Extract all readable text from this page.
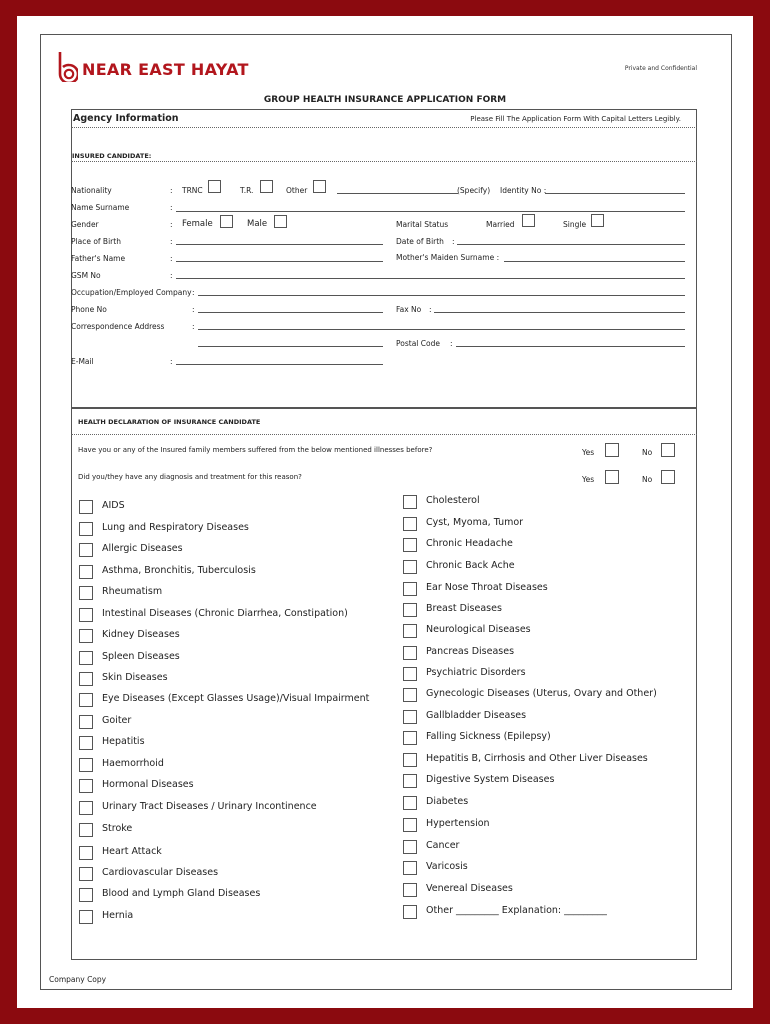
NEAR EAST HAYAT	Private and Confidential
GROUP HEALTH INSURANCE APPLICATION FORM
Agency Information	Please Fill The Application Form With Capital Letters Legibly.
INSURED CANDIDATE:
Nationality	: TRNC	T.R.	Other	(Specify) Identity No :
Name Surname	:
Gender	: Female	Male	Marital Status	Married	Single
Place of Birth	:	Date of Birth :
Father's Name	:	Mother's Maiden Surname :
GSM No	:
Occupation/Employed Company :
Phone No	:	Fax No :
Correspondence Address	:
Postal Code :
E-Mail	:
HEALTH DECLARATION OF INSURANCE CANDIDATE
Have you or any of the Insured family members suffered from the below mentioned illnesses before?	Yes	No
Did you/they have any diagnosis and treatment for this reason?	Yes	No
AIDS
Lung and Respiratory Diseases
Allergic Diseases
Asthma, Bronchitis, Tuberculosis
Rheumatism
Intestinal Diseases (Chronic Diarrhea, Constipation)
Kidney Diseases
Spleen Diseases
Skin Diseases
Eye Diseases (Except Glasses Usage)/Visual Impairment
Goiter
Hepatitis
Haemorrhoid
Hormonal Diseases
Urinary Tract Diseases / Urinary Incontinence
Stroke
Heart Attack
Cardiovascular Diseases
Blood and Lymph Gland Diseases
Hernia
Cholesterol
Cyst, Myoma, Tumor
Chronic Headache
Chronic Back Ache
Ear Nose Throat Diseases
Breast Diseases
Neurological Diseases
Pancreas Diseases
Psychiatric Disorders
Gynecologic Diseases (Uterus, Ovary and Other)
Gallbladder Diseases
Falling Sickness (Epilepsy)
Hepatitis B, Cirrhosis and Other Liver Diseases
Digestive System Diseases
Diabetes
Hypertension
Cancer
Varicosis
Venereal Diseases
Other _________ Explanation: _________
Company Copy
